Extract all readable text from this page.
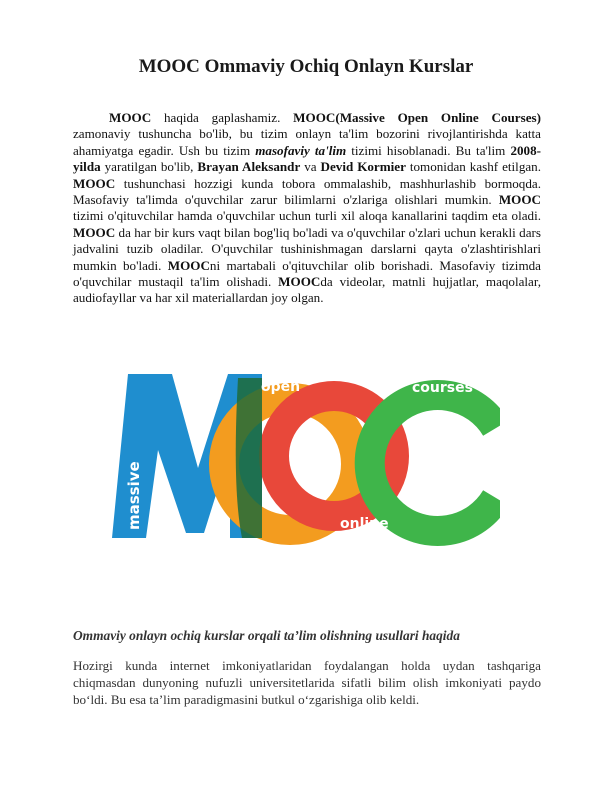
MOOC Ommaviy Ochiq Onlayn Kurslar

MOOC haqida gaplashamiz. MOOC(Massive Open Online Courses) zamonaviy tushuncha bo'lib, bu tizim onlayn ta'lim bozorini rivojlantirishda katta ahamiyatga egadir. Ush bu tizim masofaviy ta'lim tizimi hisoblanadi. Bu ta'lim 2008-yilda yaratilgan bo'lib, Brayan Aleksandr va Devid Kormier tomonidan kashf etilgan. MOOC tushunchasi hozzigi kunda tobora ommalashib, mashhurlashib bormoqda. Masofaviy ta'limda o'quvchilar zarur bilimlarni o'zlariga olishlari mumkin. MOOC tizimi o'qituvchilar hamda o'quvchilar uchun turli xil aloqa kanallarini taqdim eta oladi. MOOC da har bir kurs vaqt bilan bog'liq bo'ladi va o'quvchilar o'zlari uchun kerakli dars jadvalini tuzib oladilar. O'quvchilar tushinishmagan darslarni qayta o'zlashtirishlari mumkin bo'ladi. MOOCni martabali o'qituvchilar olib borishadi. Masofaviy tizimda o'quvchilar mustaqil ta'lim olishadi. MOOCda videolar, matnli hujjatlar, maqolalar, audiofayllar va har xil materiallardan joy olgan.

massive
open	courses
online
Ommaviy onlayn ochiq kurslar orqali ta’lim olishning usullari haqida

Hozirgi kunda internet imkoniyatlaridan foydalangan holda uydan tashqariga chiqmasdan dunyoning nufuzli universitetlarida sifatli bilim olish imkoniyati paydo bo‘ldi. Bu esa ta’lim paradigmasini butkul o‘zgarishiga olib keldi.
